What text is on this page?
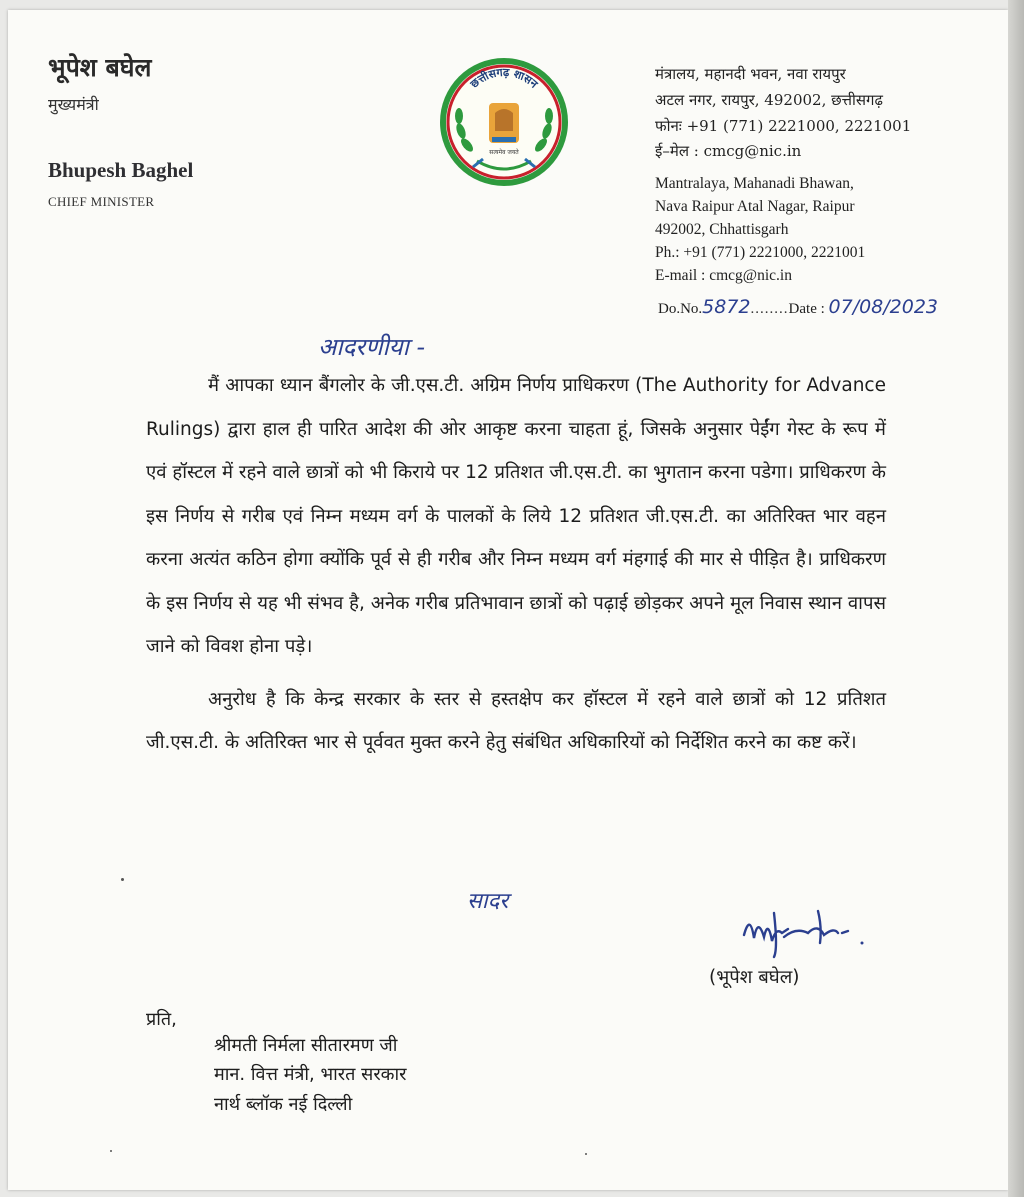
भूपेश बघेल
मुख्यमंत्री
Bhupesh Baghel
CHIEF MINISTER
सत्यमेव जयते
छत्तीसगढ़ शासन
मंत्रालय, महानदी भवन, नवा रायपुर
अटल नगर, रायपुर, 492002, छत्तीसगढ़
फोनः +91 (771) 2221000, 2221001
ई–मेल : cmcg@nic.in
Mantralaya, Mahanadi Bhawan,
Nava Raipur Atal Nagar, Raipur
492002, Chhattisgarh
Ph.: +91 (771) 2221000, 2221001
E-mail : cmcg@nic.in
Do.No.5872........Date : 07/08/2023
आदरणीया -

मैं आपका ध्यान बैंगलोर के जी.एस.टी. अग्रिम निर्णय प्राधिकरण (The Authority for Advance Rulings) द्वारा हाल ही पारित आदेश की ओर आकृष्ट करना चाहता हूं, जिसके अनुसार पेईंग गेस्ट के रूप में एवं हॉस्टल में रहने वाले छात्रों को भी किराये पर 12 प्रतिशत जी.एस.टी. का भुगतान करना पडेगा। प्राधिकरण के इस निर्णय से गरीब एवं निम्न मध्यम वर्ग के पालकों के लिये 12 प्रतिशत जी.एस.टी. का अतिरिक्त भार वहन करना अत्यंत कठिन होगा क्योंकि पूर्व से ही गरीब और निम्न मध्यम वर्ग मंहगाई की मार से पीड़ित है। प्राधिकरण के इस निर्णय से यह भी संभव है, अनेक गरीब प्रतिभावान छात्रों को पढ़ाई छोड़कर अपने मूल निवास स्थान वापस जाने को विवश होना पड़े।

अनुरोध है कि केन्द्र सरकार के स्तर से हस्तक्षेप कर हॉस्टल में रहने वाले छात्रों को 12 प्रतिशत जी.एस.टी. के अतिरिक्त भार से पूर्ववत मुक्त करने हेतु संबंधित अधिकारियों को निर्देशित करने का कष्ट करें।

सादर
(भूपेश बघेल)
प्रति,
श्रीमती निर्मला सीतारमण जी
मान. वित्त मंत्री, भारत सरकार
नार्थ ब्लॉक नई दिल्ली
